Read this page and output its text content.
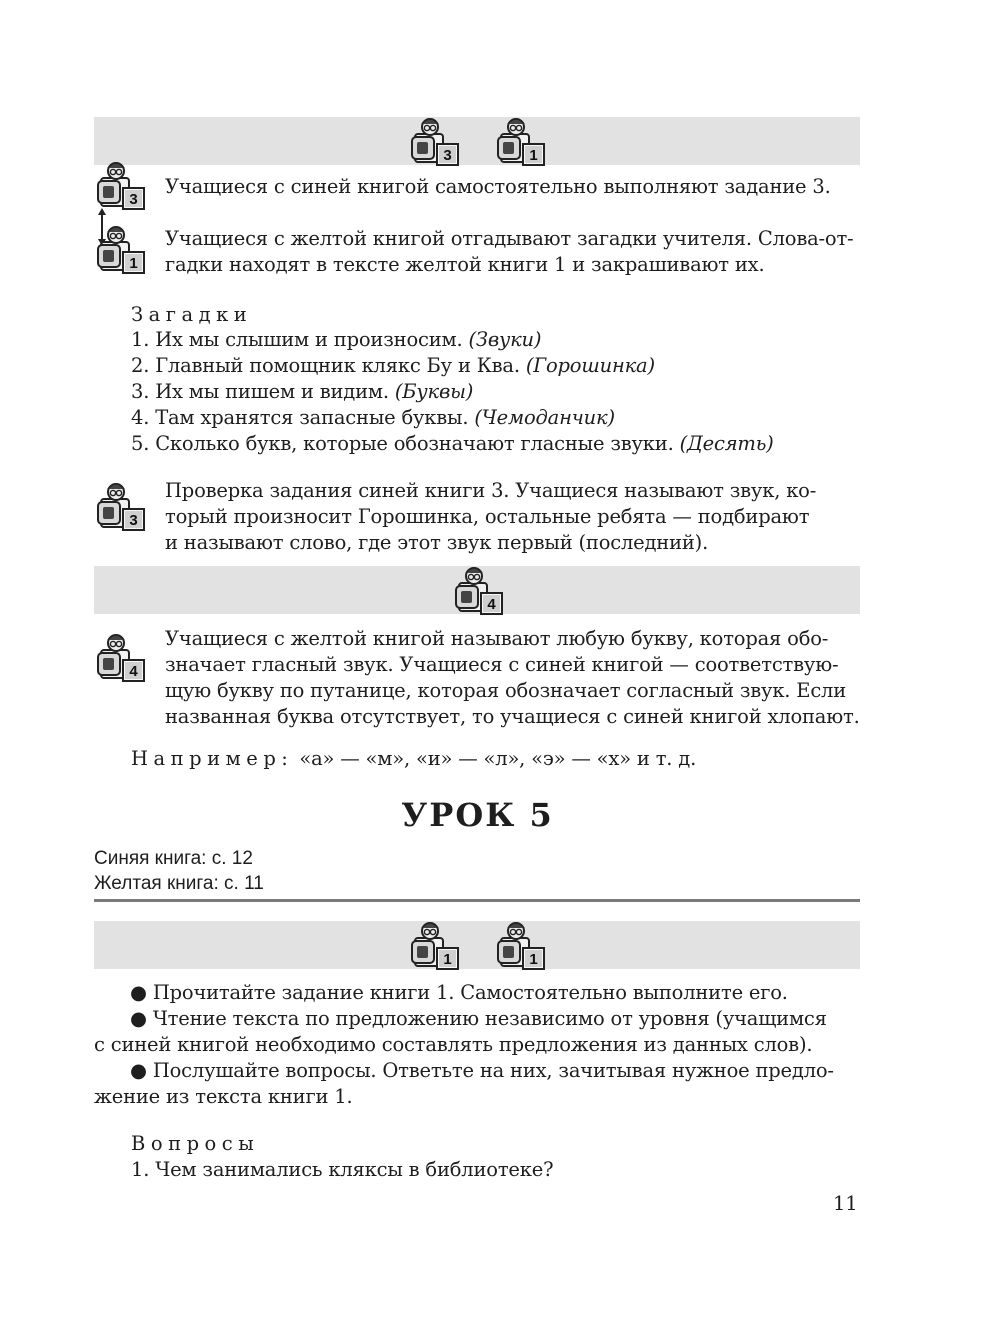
3	1
3
1
Учащиеся с синей книгой самостоятельно выполняют задание 3.
Учащиеся с желтой книгой отгадывают загадки учителя. Слова-от-
гадки находят в тексте желтой книги 1 и закрашивают их.
Загадки
1. Их мы слышим и произносим. (Звуки)
2. Главный помощник клякс Бу и Ква. (Горошинка)
3. Их мы пишем и видим. (Буквы)
4. Там хранятся запасные буквы. (Чемоданчик)
5. Сколько букв, которые обозначают гласные звуки. (Десять)
3
Проверка задания синей книги 3. Учащиеся называют звук, ко-
торый произносит Горошинка, остальные ребята — подбирают
и называют слово, где этот звук первый (последний).
4
4
Учащиеся с желтой книгой называют любую букву, которая обо-
значает гласный звук. Учащиеся с синей книгой — соответствую-
щую букву по путанице, которая обозначает согласный звук. Если
названная буква отсутствует, то учащиеся с синей книгой хлопают.
Например: «а» — «м», «и» — «л», «э» — «х» и т. д.
УРОК 5
Синяя книга: с. 12
Желтая книга: с. 11
1	1
● Прочитайте задание книги 1. Самостоятельно выполните его.
● Чтение текста по предложению независимо от уровня (учащимся
с синей книгой необходимо составлять предложения из данных слов).
● Послушайте вопросы. Ответьте на них, зачитывая нужное предло-
жение из текста книги 1.
Вопросы
1. Чем занимались кляксы в библиотеке?
11
